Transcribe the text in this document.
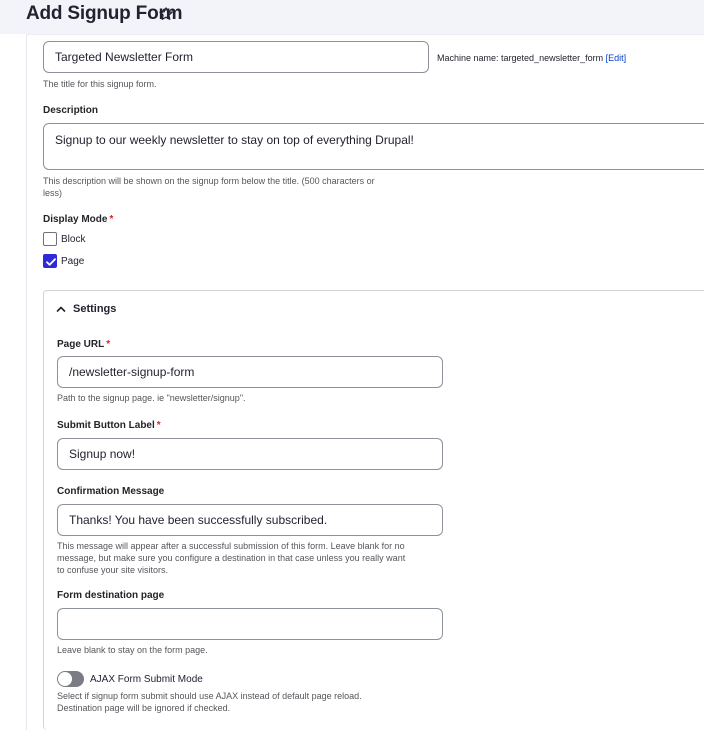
Add Signup Form
Targeted Newsletter Form	Machine name: targeted_newsletter_form [Edit]
The title for this signup form.
Description
Signup to our weekly newsletter to stay on top of everything Drupal!
This description will be shown on the signup form below the title. (500 characters or
less)
Display Mode *
Block
Page
Settings
Page URL *
/newsletter-signup-form
Path to the signup page. ie "newsletter/signup".
Submit Button Label *
Signup now!
Confirmation Message
Thanks! You have been successfully subscribed.
This message will appear after a successful submission of this form. Leave blank for no
message, but make sure you configure a destination in that case unless you really want
to confuse your site visitors.
Form destination page
Leave blank to stay on the form page.
AJAX Form Submit Mode
Select if signup form submit should use AJAX instead of default page reload.
Destination page will be ignored if checked.
